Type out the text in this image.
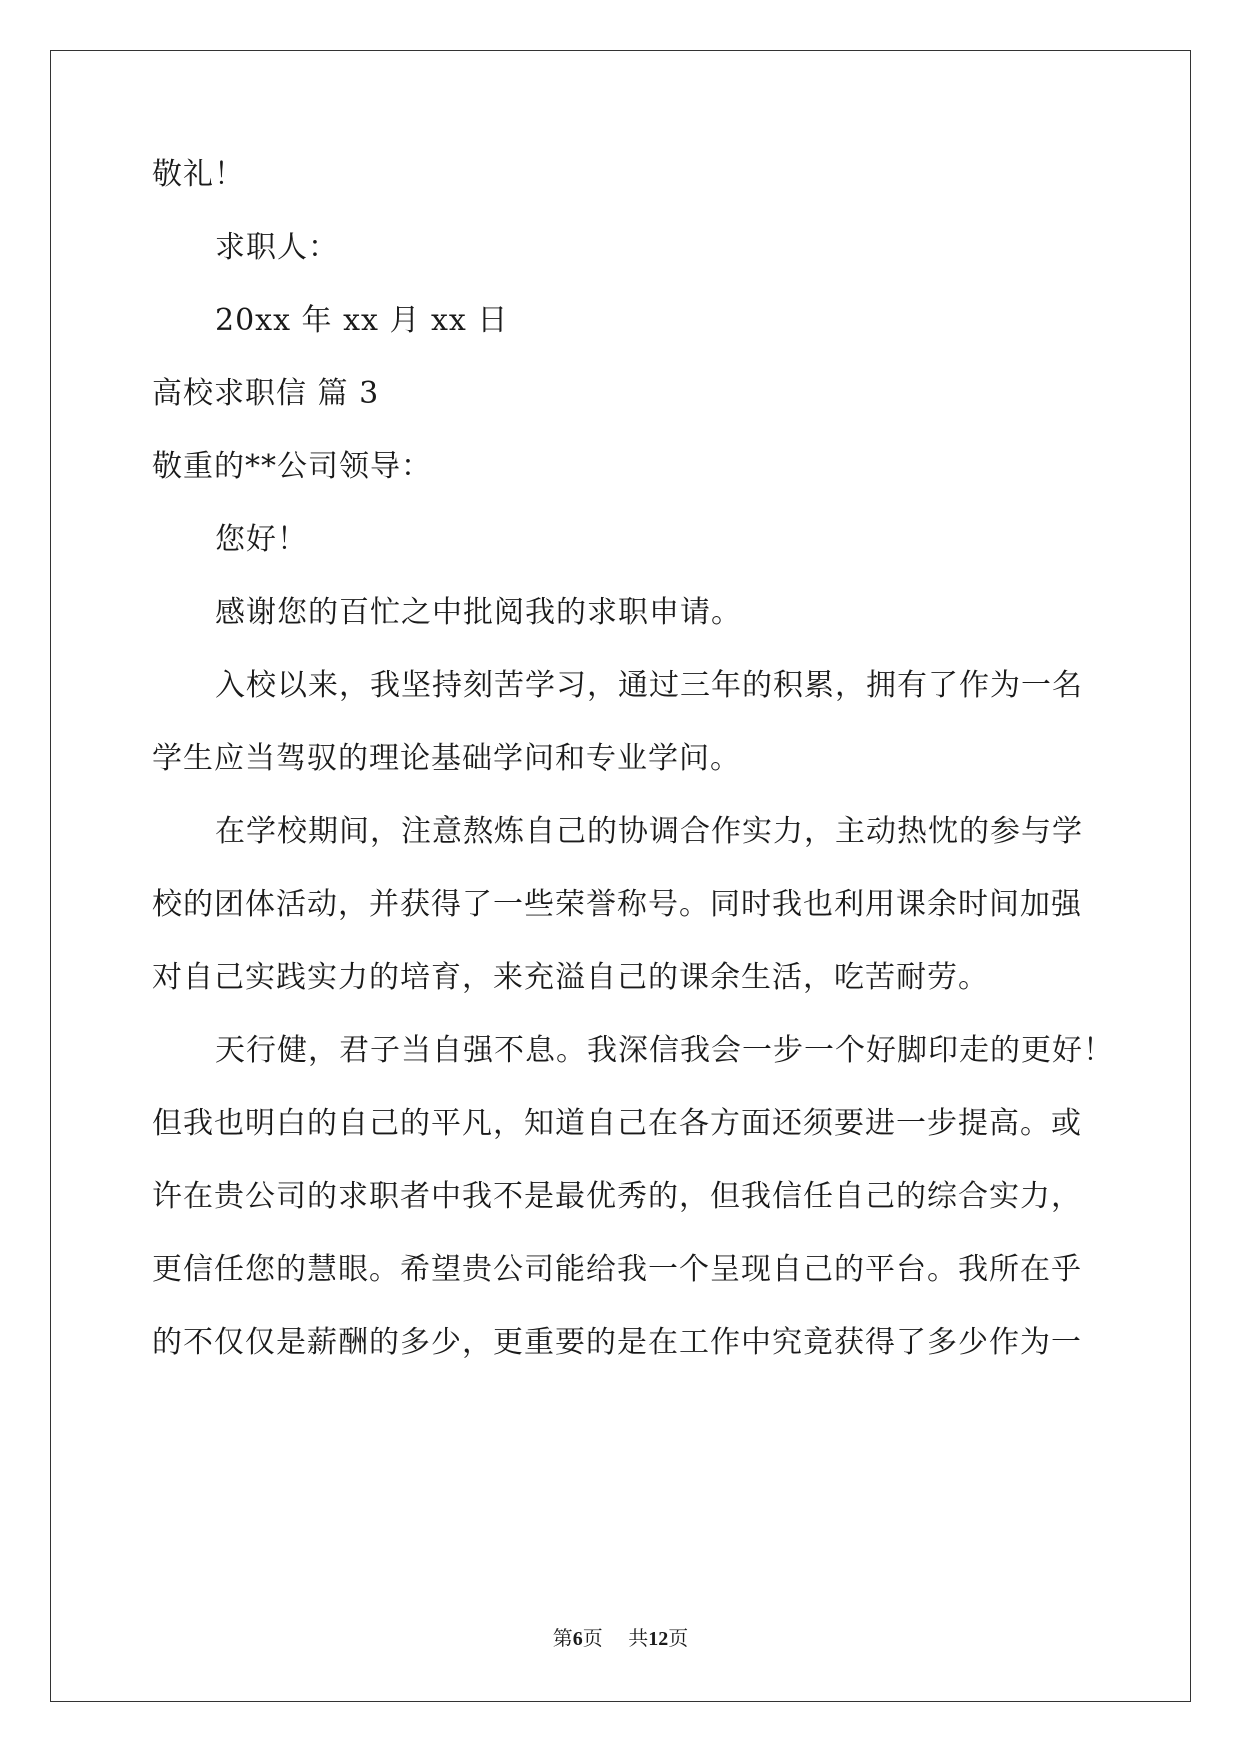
敬礼！
求职人：
20xx 年 xx 月 xx 日
高校求职信 篇 3
敬重的**公司领导：
您好！
感谢您的百忙之中批阅我的求职申请。
入校以来，我坚持刻苦学习，通过三年的积累，拥有了作为一名
学生应当驾驭的理论基础学问和专业学问。
在学校期间，注意熬炼自己的协调合作实力，主动热忱的参与学
校的团体活动，并获得了一些荣誉称号。同时我也利用课余时间加强
对自己实践实力的培育，来充溢自己的课余生活，吃苦耐劳。
天行健，君子当自强不息。我深信我会一步一个好脚印走的更好！
但我也明白的自己的平凡，知道自己在各方面还须要进一步提高。或
许在贵公司的求职者中我不是最优秀的，但我信任自己的综合实力，
更信任您的慧眼。希望贵公司能给我一个呈现自己的平台。我所在乎
的不仅仅是薪酬的多少，更重要的是在工作中究竟获得了多少作为一
第6页    共12页
